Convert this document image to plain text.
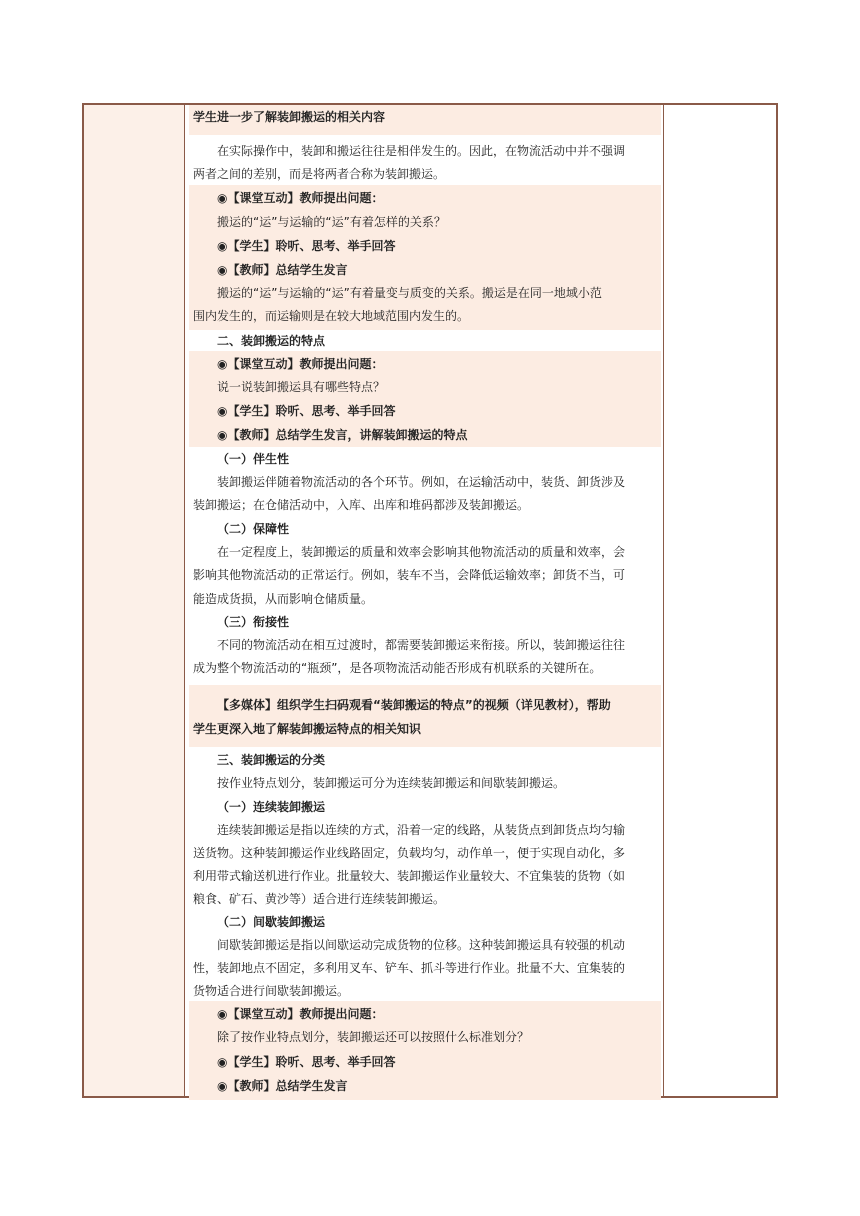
学生进一步了解装卸搬运的相关内容
在实际操作中，装卸和搬运往往是相伴发生的。因此，在物流活动中并不强调
两者之间的差别，而是将两者合称为装卸搬运。
◉【课堂互动】教师提出问题：
搬运的“运”与运输的“运”有着怎样的关系？
◉【学生】聆听、思考、举手回答
◉【教师】总结学生发言
搬运的“运”与运输的“运”有着量变与质变的关系。搬运是在同一地域小范
围内发生的，而运输则是在较大地域范围内发生的。
二、装卸搬运的特点
◉【课堂互动】教师提出问题：
说一说装卸搬运具有哪些特点？
◉【学生】聆听、思考、举手回答
◉【教师】总结学生发言，讲解装卸搬运的特点
（一）伴生性
装卸搬运伴随着物流活动的各个环节。例如，在运输活动中，装货、卸货涉及
装卸搬运；在仓储活动中，入库、出库和堆码都涉及装卸搬运。
（二）保障性
在一定程度上，装卸搬运的质量和效率会影响其他物流活动的质量和效率，会
影响其他物流活动的正常运行。例如，装车不当，会降低运输效率；卸货不当，可
能造成货损，从而影响仓储质量。
（三）衔接性
不同的物流活动在相互过渡时，都需要装卸搬运来衔接。所以，装卸搬运往往
成为整个物流活动的“瓶颈”，是各项物流活动能否形成有机联系的关键所在。
【多媒体】组织学生扫码观看“装卸搬运的特点”的视频（详见教材），帮助
学生更深入地了解装卸搬运特点的相关知识
三、装卸搬运的分类
按作业特点划分，装卸搬运可分为连续装卸搬运和间歇装卸搬运。
（一）连续装卸搬运
连续装卸搬运是指以连续的方式，沿着一定的线路，从装货点到卸货点均匀输
送货物。这种装卸搬运作业线路固定，负载均匀，动作单一，便于实现自动化，多
利用带式输送机进行作业。批量较大、装卸搬运作业量较大、不宜集装的货物（如
粮食、矿石、黄沙等）适合进行连续装卸搬运。
（二）间歇装卸搬运
间歇装卸搬运是指以间歇运动完成货物的位移。这种装卸搬运具有较强的机动
性，装卸地点不固定，多利用叉车、铲车、抓斗等进行作业。批量不大、宜集装的
货物适合进行间歇装卸搬运。
◉【课堂互动】教师提出问题：
除了按作业特点划分，装卸搬运还可以按照什么标准划分？
◉【学生】聆听、思考、举手回答
◉【教师】总结学生发言
